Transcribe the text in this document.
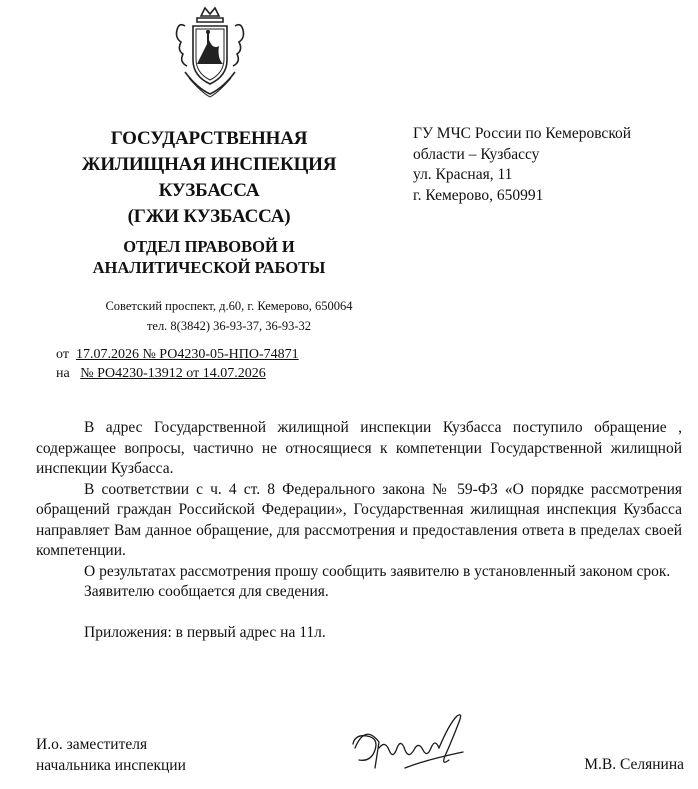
ГОСУДАРСТВЕННАЯ
ЖИЛИЩНАЯ ИНСПЕКЦИЯ
КУЗБАССА
(ГЖИ КУЗБАССА)
ОТДЕЛ ПРАВОВОЙ И
АНАЛИТИЧЕСКОЙ РАБОТЫ
Советский проспект, д.60, г. Кемерово, 650064
тел. 8(3842) 36-93-37, 36-93-32
ГУ МЧС России по Кемеровской
области – Кузбассу
ул. Красная, 11
г. Кемерово, 650991
от 17.07.2026 № РО4230-05-НПО-74871
на № РО4230-13912 от 14.07.2026

В адрес Государственной жилищной инспекции Кузбасса поступило обращение , содержащее вопросы, частично не относящиеся к компетенции Государственной жилищной инспекции Кузбасса.

В соответствии с ч. 4 ст. 8 Федерального закона № 59-ФЗ «О порядке рассмотрения обращений граждан Российской Федерации», Государственная жилищная инспекция Кузбасса направляет Вам данное обращение, для рассмотрения и предоставления ответа в пределах своей компетенции.

О результатах рассмотрения прошу сообщить заявителю в установленный законом срок.

Заявителю сообщается для сведения.

Приложения: в первый адрес на 11л.

И.о. заместителя
начальника инспекции	М.В. Селянина
